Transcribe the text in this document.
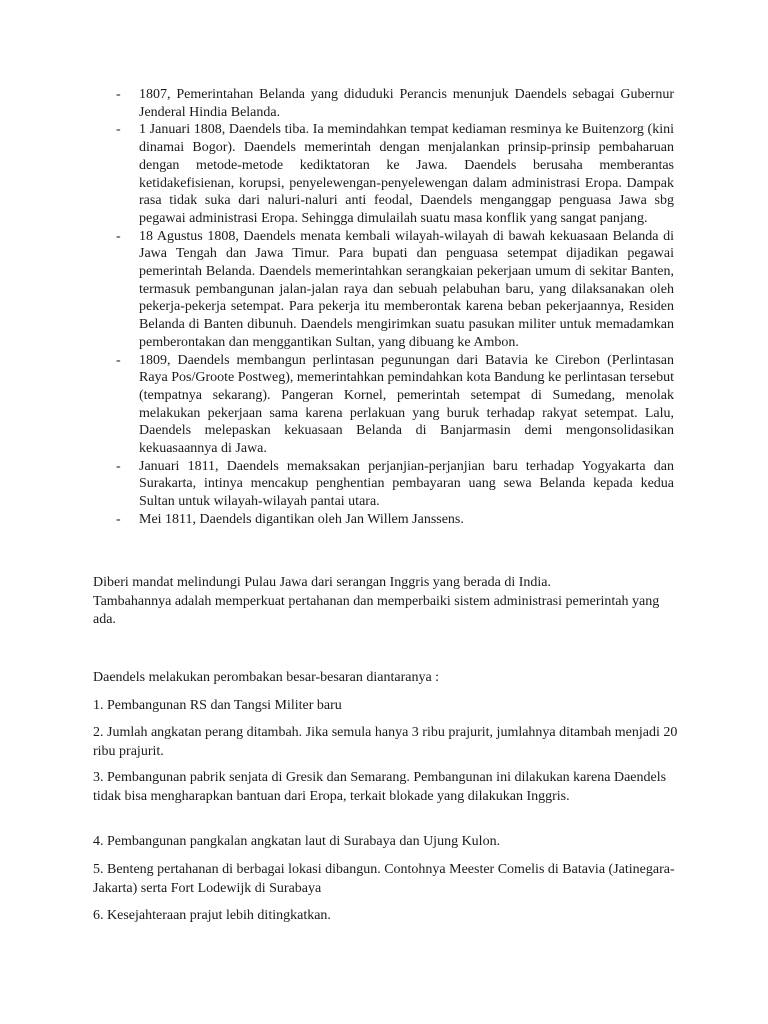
- 1807, Pemerintahan Belanda yang diduduki Perancis menunjuk Daendels sebagai Gubernur Jenderal Hindia Belanda.
- 1 Januari 1808, Daendels tiba. Ia memindahkan tempat kediaman resminya ke Buitenzorg (kini dinamai Bogor). Daendels memerintah dengan menjalankan prinsip-prinsip pembaharuan dengan metode-metode kediktatoran ke Jawa. Daendels berusaha memberantas ketidakefisienan, korupsi, penyelewengan-penyelewengan dalam administrasi Eropa. Dampak rasa tidak suka dari naluri-naluri anti feodal, Daendels menganggap penguasa Jawa sbg pegawai administrasi Eropa. Sehingga dimulailah suatu masa konflik yang sangat panjang.
- 18 Agustus 1808, Daendels menata kembali wilayah-wilayah di bawah kekuasaan Belanda di Jawa Tengah dan Jawa Timur. Para bupati dan penguasa setempat dijadikan pegawai pemerintah Belanda. Daendels memerintahkan serangkaian pekerjaan umum di sekitar Banten, termasuk pembangunan jalan-jalan raya dan sebuah pelabuhan baru, yang dilaksanakan oleh pekerja-pekerja setempat. Para pekerja itu memberontak karena beban pekerjaannya, Residen Belanda di Banten dibunuh. Daendels mengirimkan suatu pasukan militer untuk memadamkan pemberontakan dan menggantikan Sultan, yang dibuang ke Ambon.
- 1809, Daendels membangun perlintasan pegunungan dari Batavia ke Cirebon (Perlintasan Raya Pos/Groote Postweg), memerintahkan pemindahkan kota Bandung ke perlintasan tersebut (tempatnya sekarang). Pangeran Kornel, pemerintah setempat di Sumedang, menolak melakukan pekerjaan sama karena perlakuan yang buruk terhadap rakyat setempat. Lalu, Daendels melepaskan kekuasaan Belanda di Banjarmasin demi mengonsolidasikan kekuasaannya di Jawa.
- Januari 1811, Daendels memaksakan perjanjian-perjanjian baru terhadap Yogyakarta dan Surakarta, intinya mencakup penghentian pembayaran uang sewa Belanda kepada kedua Sultan untuk wilayah-wilayah pantai utara.
- Mei 1811, Daendels digantikan oleh Jan Willem Janssens.

Diberi mandat melindungi Pulau Jawa dari serangan Inggris yang berada di India.

Tambahannya adalah memperkuat pertahanan dan memperbaiki sistem administrasi pemerintah yang ada.

Daendels melakukan perombakan besar-besaran diantaranya :

1. Pembangunan RS dan Tangsi Militer baru

2. Jumlah angkatan perang ditambah. Jika semula hanya 3 ribu prajurit, jumlahnya ditambah menjadi 20 ribu prajurit.

3. Pembangunan pabrik senjata di Gresik dan Semarang. Pembangunan ini dilakukan karena Daendels tidak bisa mengharapkan bantuan dari Eropa, terkait blokade yang dilakukan Inggris.

4. Pembangunan pangkalan angkatan laut di Surabaya dan Ujung Kulon.

5. Benteng pertahanan di berbagai lokasi dibangun. Contohnya Meester Comelis di Batavia (Jatinegara-Jakarta) serta Fort Lodewijk di Surabaya

6. Kesejahteraan prajut lebih ditingkatkan.
